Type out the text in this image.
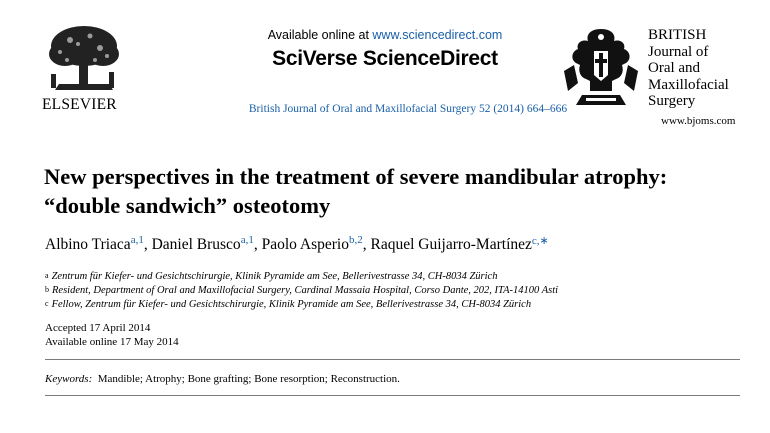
ELSEVIER
Available online at www.sciencedirect.com
SciVerse ScienceDirect
British Journal of Oral and Maxillofacial Surgery 52 (2014) 664–666
BRITISH
Journal of
Oral and
Maxillofacial
Surgery
www.bjoms.com
New perspectives in the treatment of severe mandibular atrophy: “double sandwich” osteotomy
Albino Triaca$^{a,1}$, Daniel Brusco$^{a,1}$, Paolo Asperio$^{b,2}$, Raquel Guijarro-Martínez$^{c,∗}$
$^a$ Zentrum für Kiefer- und Gesichtschirurgie, Klinik Pyramide am See, Bellerivestrasse 34, CH-8034 Zürich
$^b$ Resident, Department of Oral and Maxillofacial Surgery, Cardinal Massaia Hospital, Corso Dante, 202, ITA-14100 Asti
$^c$ Fellow, Zentrum für Kiefer- und Gesichtschirurgie, Klinik Pyramide am See, Bellerivestrasse 34, CH-8034 Zürich
Accepted 17 April 2014
Available online 17 May 2014
Keywords: Mandible; Atrophy; Bone grafting; Bone resorption; Reconstruction.
